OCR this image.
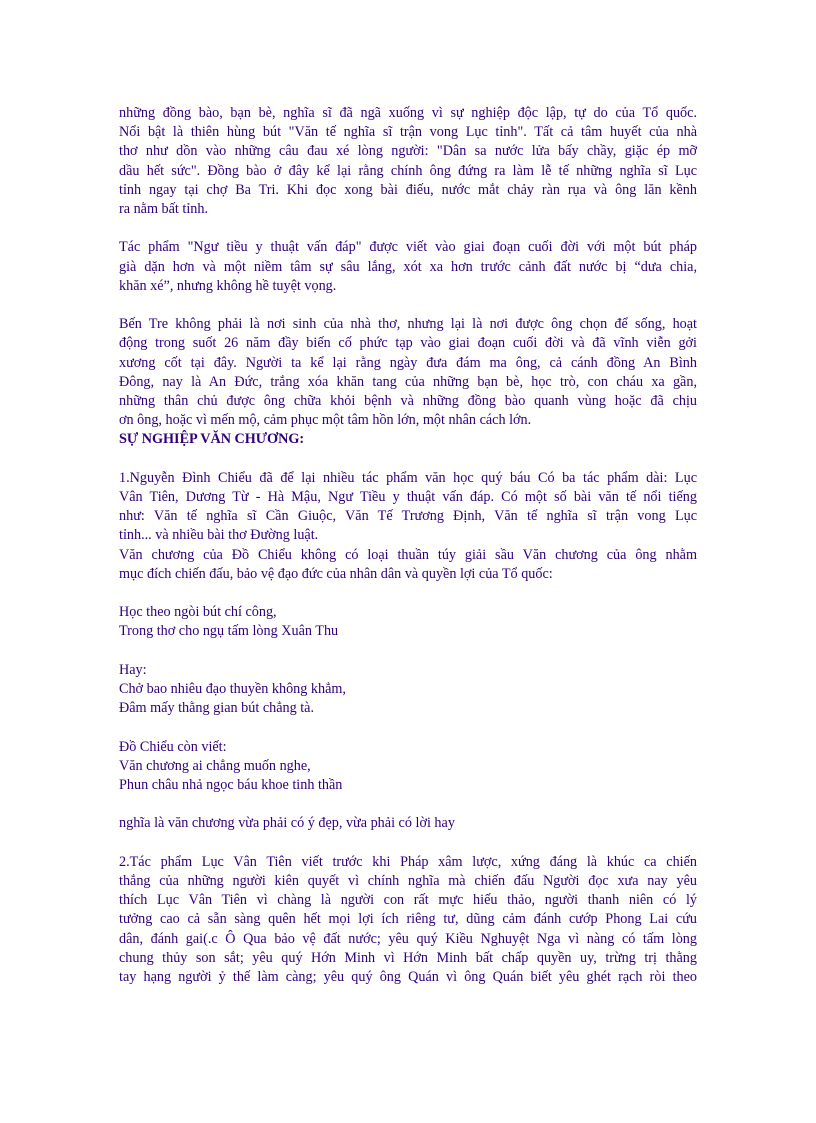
những đồng bào, bạn bè, nghĩa sĩ đã ngã xuống vì sự nghiệp độc lập, tự do của Tổ quốc.
Nổi bật là thiên hùng bút "Văn tế nghĩa sĩ trận vong Lục tỉnh". Tất cả tâm huyết của nhà
thơ như dồn vào những câu đau xé lòng người: "Dân sa nước lửa bấy chầy, giặc ép mỡ
dầu hết sức". Đồng bào ở đây kể lại rằng chính ông đứng ra làm lễ tế những nghĩa sĩ Lục
tỉnh ngay tại chợ Ba Tri. Khi đọc xong bài điếu, nước mắt chảy ràn rụa và ông lăn kềnh
ra nằm bất tỉnh.
Tác phẩm "Ngư tiều y thuật vấn đáp" được viết vào giai đoạn cuối đời với một bút pháp
già dặn hơn và một niềm tâm sự sâu lắng, xót xa hơn trước cảnh đất nước bị “dưa chia,
khăn xé”, nhưng không hề tuyệt vọng.
Bến Tre không phải là nơi sinh của nhà thơ, nhưng lại là nơi được ông chọn để sống, hoạt
động trong suốt 26 năm đầy biến cố phức tạp vào giai đoạn cuối đời và đã vĩnh viễn gởi
xương cốt tại đây. Người ta kể lại rằng ngày đưa đám ma ông, cả cánh đồng An Bình
Đông, nay là An Đức, trắng xóa khăn tang của những bạn bè, học trò, con cháu xa gần,
những thân chủ được ông chữa khỏi bệnh và những đồng bào quanh vùng hoặc đã chịu
ơn ông, hoặc vì mến mộ, cảm phục một tâm hồn lớn, một nhân cách lớn.
SỰ NGHIỆP VĂN CHƯƠNG:
1.Nguyễn Đình Chiểu đã để lại nhiều tác phẩm văn học quý báu Có ba tác phẩm dài: Lục
Vân Tiên, Dương Từ - Hà Mậu, Ngư Tiều y thuật vấn đáp. Có một số bài văn tế nổi tiếng
như: Văn tế nghĩa sĩ Cần Giuộc, Văn Tế Trương Định, Văn tế nghĩa sĩ trận vong Lục
tỉnh... và nhiều bài thơ Đường luật.
Văn chương của Đồ Chiểu không có loại thuần túy giải sầu Văn chương của ông nhằm
mục đích chiến đấu, bảo vệ đạo đức của nhân dân và quyền lợi của Tổ quốc:
Học theo ngòi bút chí công,
Trong thơ cho ngụ tấm lòng Xuân Thu
Hay:
Chở bao nhiêu đạo thuyền không khẳm,
Đâm mấy thằng gian bút chẳng tà.
Đồ Chiểu còn viết:
Văn chương ai chẳng muốn nghe,
Phun châu nhả ngọc báu khoe tinh thần
nghĩa là văn chương vừa phải có ý đẹp, vừa phải có lời hay
2.Tác phẩm Lục Vân Tiên viết trước khi Pháp xâm lược, xứng đáng là khúc ca chiến
thắng của những người kiên quyết vì chính nghĩa mà chiến đấu Người đọc xưa nay yêu
thích Lục Vân Tiên vì chàng là người con rất mực hiếu thảo, người thanh niên có lý
tưởng cao cả sẵn sàng quên hết mọi lợi ích riêng tư, dũng cảm đánh cướp Phong Lai cứu
dân, đánh gai(.c Ô Qua bảo vệ đất nước; yêu quý Kiều Nghuyệt Nga vì nàng có tấm lòng
chung thủy son sắt; yêu quý Hớn Minh vì Hớn Minh bất chấp quyền uy, trừng trị thằng
tay hạng người ỷ thế làm càng; yêu quý ông Quán vì ông Quán biết yêu ghét rạch ròi theo
